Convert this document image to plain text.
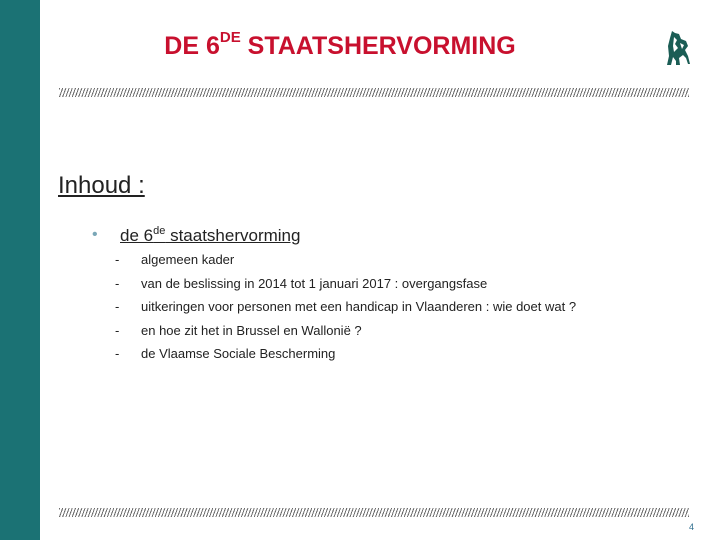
DE 6DE STAATSHERVORMING
Inhoud :
• de 6de staatshervorming
- algemeen kader
- van de beslissing in 2014 tot 1 januari 2017 : overgangsfase
- uitkeringen voor personen met een handicap in Vlaanderen : wie doet wat ?
- en hoe zit het in Brussel en Wallonië ?
- de Vlaamse Sociale Bescherming
4
